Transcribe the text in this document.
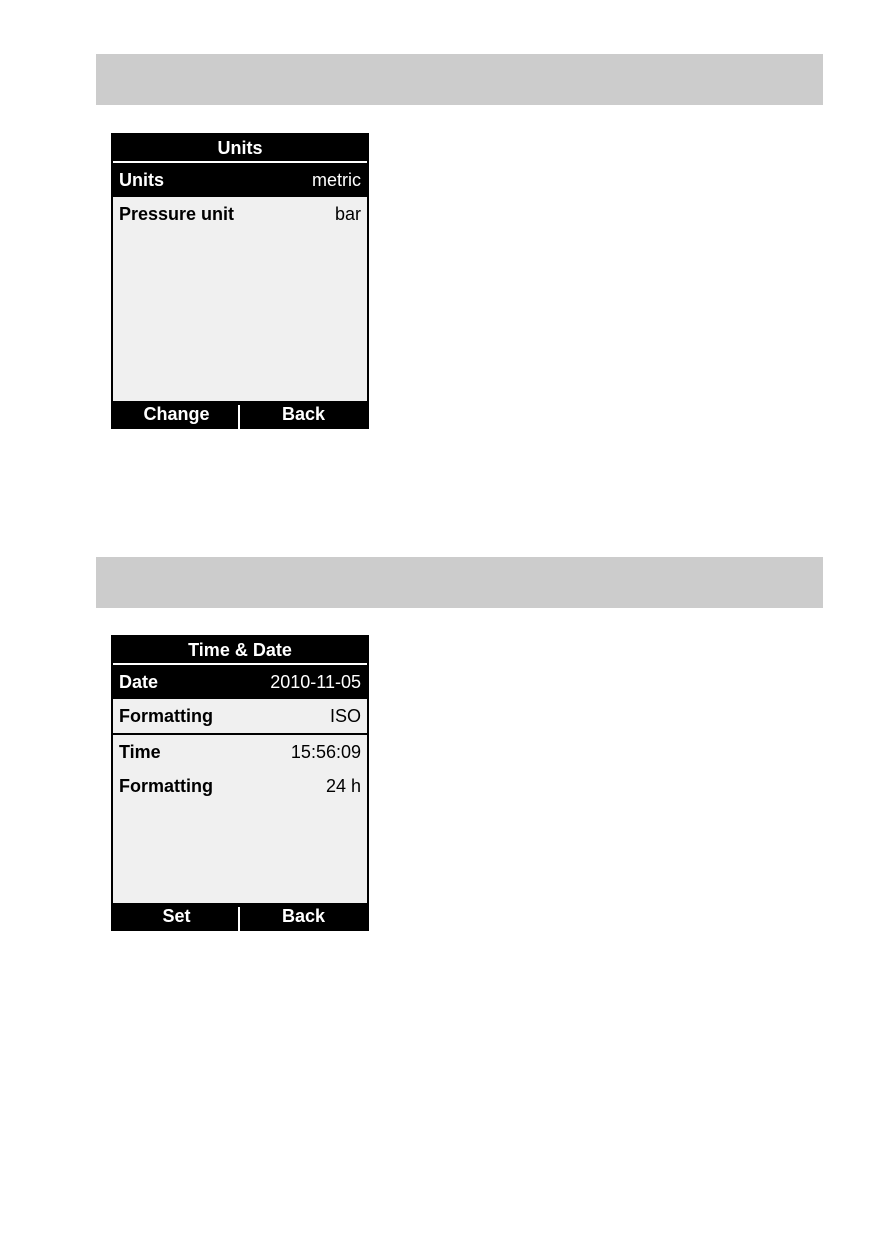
Units
Units	metric
Pressure unit	bar
Change	Back
Time & Date
Date	2010-11-05
Formatting	ISO
Time	15:56:09
Formatting	24 h
Set	Back
